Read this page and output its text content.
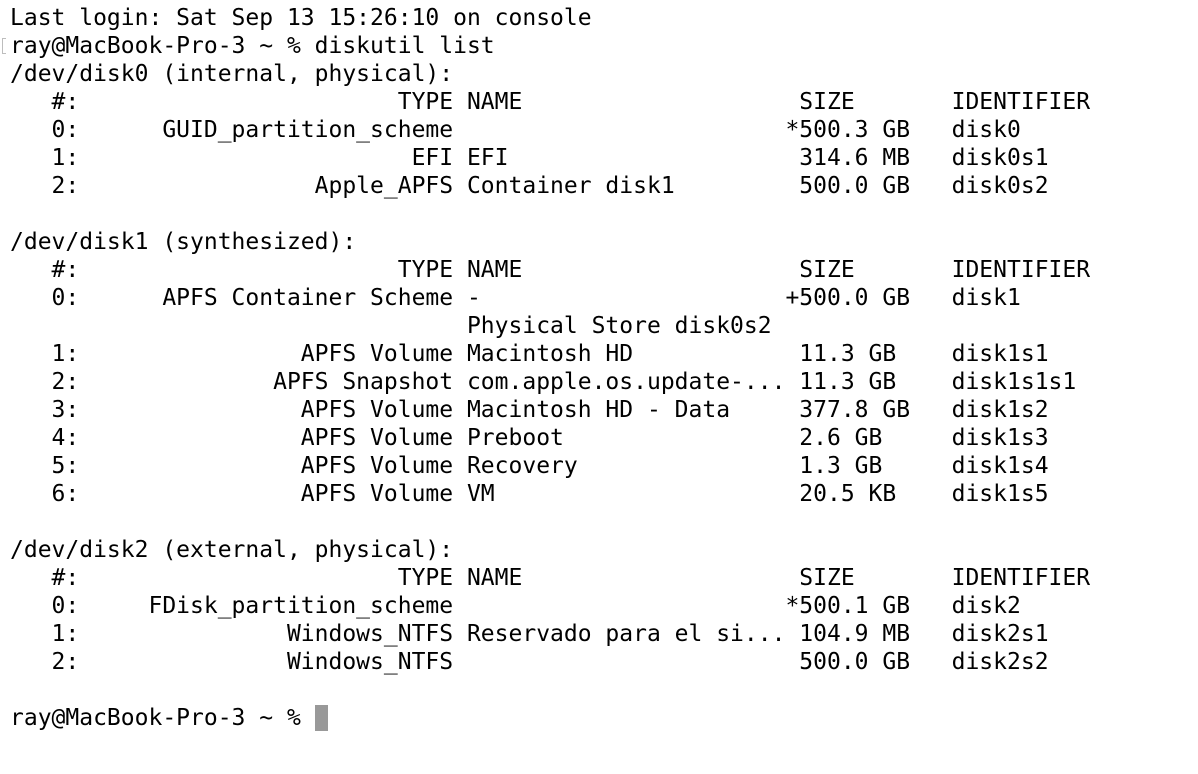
Last login: Sat Sep 13 15:26:10 on console
ray@MacBook-Pro-3 ~ % diskutil list
/dev/disk0 (internal, physical):
#:                       TYPE NAME                    SIZE       IDENTIFIER
0:      GUID_partition_scheme                        *500.3 GB   disk0
1:                        EFI EFI                     314.6 MB   disk0s1
2:                 Apple_APFS Container disk1         500.0 GB   disk0s2
/dev/disk1 (synthesized):
#:                       TYPE NAME                    SIZE       IDENTIFIER
0:      APFS Container Scheme -                      +500.0 GB   disk1
Physical Store disk0s2
1:                APFS Volume Macintosh HD            11.3 GB    disk1s1
2:              APFS Snapshot com.apple.os.update-... 11.3 GB    disk1s1s1
3:                APFS Volume Macintosh HD - Data     377.8 GB   disk1s2
4:                APFS Volume Preboot                 2.6 GB     disk1s3
5:                APFS Volume Recovery                1.3 GB     disk1s4
6:                APFS Volume VM                      20.5 KB    disk1s5
/dev/disk2 (external, physical):
#:                       TYPE NAME                    SIZE       IDENTIFIER
0:     FDisk_partition_scheme                        *500.1 GB   disk2
1:               Windows_NTFS Reservado para el si... 104.9 MB   disk2s1
2:               Windows_NTFS                         500.0 GB   disk2s2
ray@MacBook-Pro-3 ~ %
